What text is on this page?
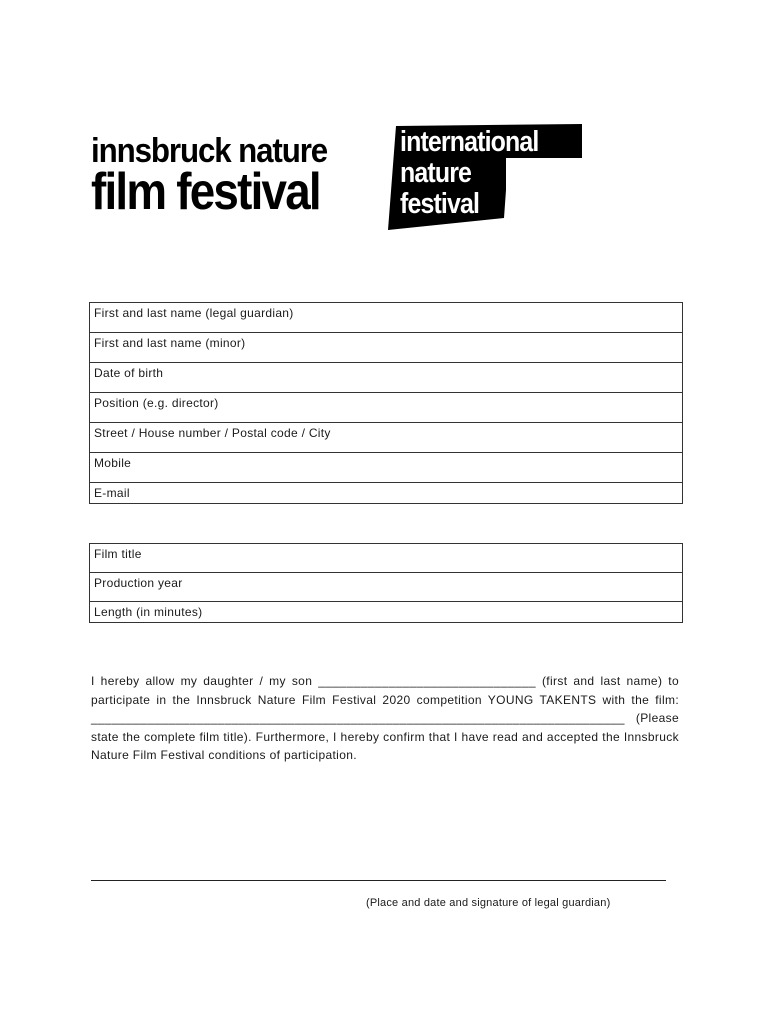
innsbruck nature
film festival
international
nature
festival
First and last name (legal guardian)
First and last name (minor)
Date of birth
Position (e.g. director)
Street / House number / Postal code / City
Mobile
E-mail
Film title
Production year
Length (in minutes)

I hereby allow my daughter / my son _______________________________ (first and last name) to participate in the Innsbruck Nature Film Festival 2020 competition YOUNG TAKENTS with the film: ____________________________________________________________________________ (Please state the complete film title). Furthermore, I hereby confirm that I have read and accepted the Innsbruck Nature Film Festival conditions of participation.

(Place and date and signature of legal guardian)
